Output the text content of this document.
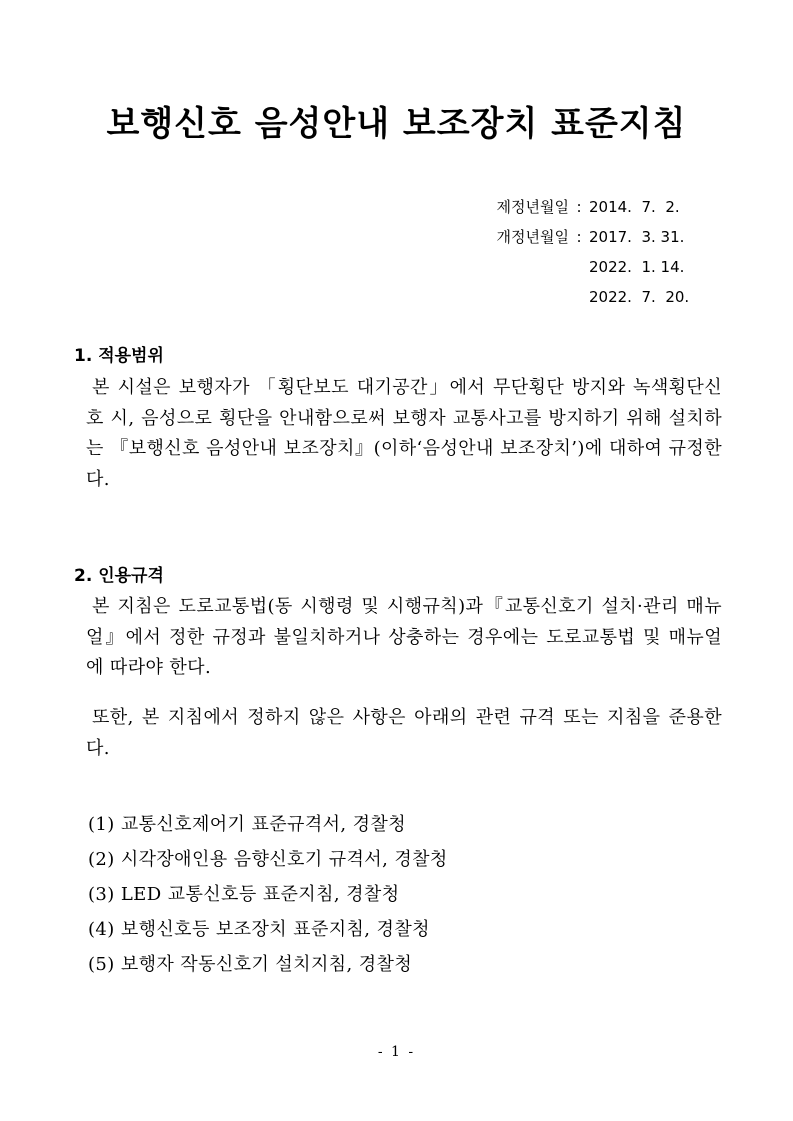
보행신호 음성안내 보조장치 표준지침
제정년월일 : 2014.  7.  2.
개정년월일 : 2017.  3. 31.
2022.  1. 14.
2022.  7.  20.
1. 적용범위

본 시설은 보행자가 「횡단보도 대기공간」에서 무단횡단 방지와 녹색횡단신호 시, 음성으로 횡단을 안내함으로써 보행자 교통사고를 방지하기 위해 설치하는 『보행신호 음성안내 보조장치』(이하‘음성안내 보조장치’)에 대하여 규정한다.

2. 인용규격

본 지침은 도로교통법(동 시행령 및 시행규칙)과『교통신호기 설치·관리 매뉴얼』에서 정한 규정과 불일치하거나 상충하는 경우에는 도로교통법 및 매뉴얼에 따라야 한다.

또한, 본 지침에서 정하지 않은 사항은 아래의 관련 규격 또는 지침을 준용한다.

(1) 교통신호제어기 표준규격서, 경찰청
(2) 시각장애인용 음향신호기 규격서, 경찰청
(3) LED 교통신호등 표준지침, 경찰청
(4) 보행신호등 보조장치 표준지침, 경찰청
(5) 보행자 작동신호기 설치지침, 경찰청
- 1 -
